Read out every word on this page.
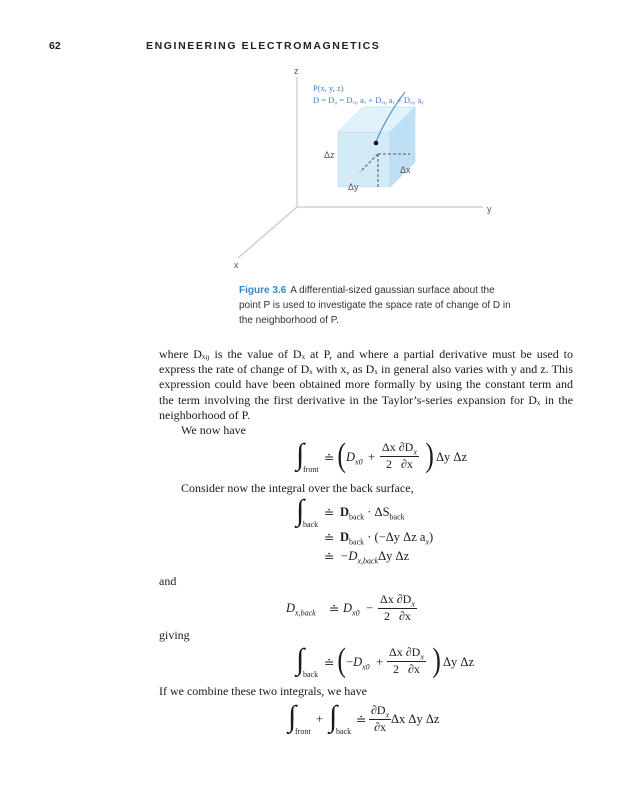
62	ENGINEERING ELECTROMAGNETICS
z
y
x
P(x, y, z)
D = D₀ = Dₓ₀ aₓ + Dᵧ₀ aᵧ + Dᵪ₀ aᵪ
Δz
Δx
Δy
Figure 3.6 A differential-sized gaussian surface about the point P is used to investigate the space rate of change of D in the neighborhood of P.
where Dₓ₀ is the value of Dₓ at P, and where a partial derivative must be used to express the rate of change of Dₓ with x, as Dₓ in general also varies with y and z. This expression could have been obtained more formally by using the constant term and the term involving the first derivative in the Taylor’s-series expansion for Dₓ in the neighborhood of P.
We now have
∫
front
≐ ( $D_{x0} + \frac{\Delta x \partial D_x}{2 \partial x}$ ) Δy Δz
Consider now the integral over the back surface,
∫
back
≐ $D_{back} \cdot \Delta S_{back}$
≐ $D_{back} \cdot (-\Delta y$ Δz $a_x$)
≐ $-D_{x,back}\Delta y$ Δz
and
$D_{x,back}$ ≐ $D_{x0} - \frac{\Delta x \partial D_x}{2 \partial x}$
giving
∫
back
≐ ( $-D_{x0} + \frac{\Delta x \partial D_x}{2 \partial x}$ ) Δy Δz
If we combine these two integrals, we have
∫
front
+ ∫
back
≐ $\frac{\partial D_x}{\partial x}$ Δx Δy Δz
